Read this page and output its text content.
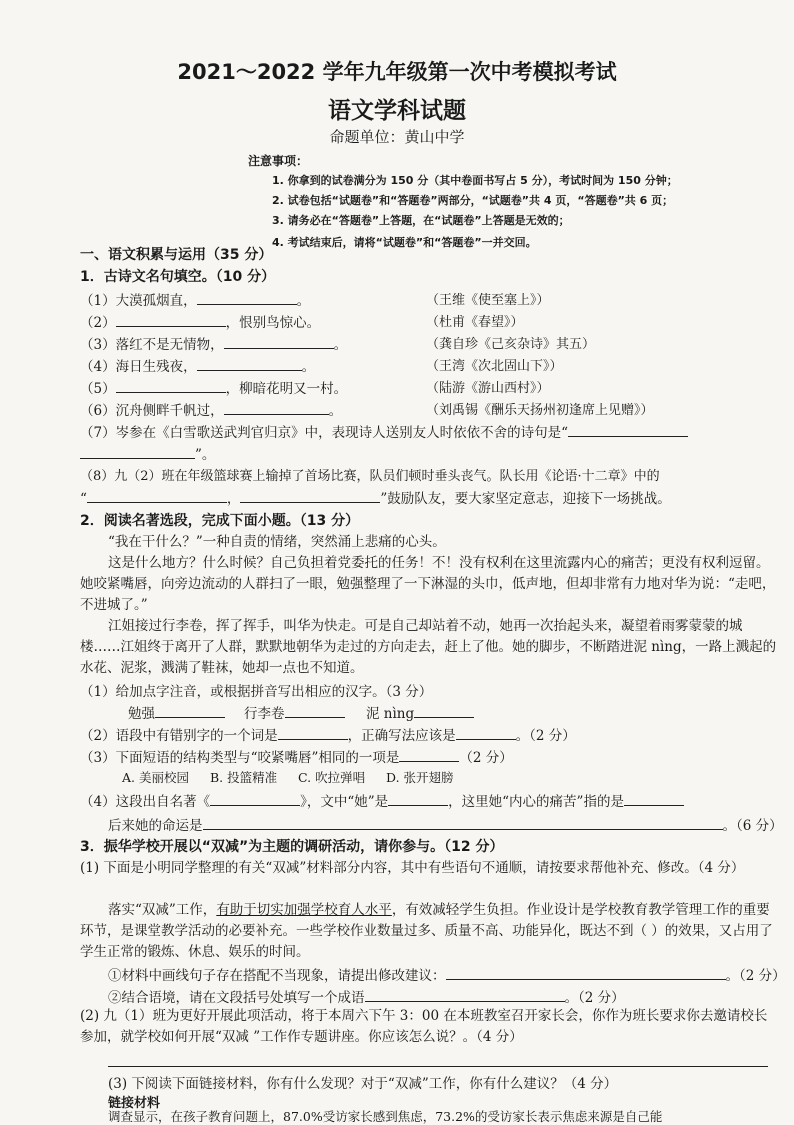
2021～2022 学年九年级第一次中考模拟考试
语文学科试题
命题单位：黄山中学
注意事项：
1. 你拿到的试卷满分为 150 分（其中卷面书写占 5 分），考试时间为 150 分钟；
2. 试卷包括“试题卷”和“答题卷”两部分，“试题卷”共 4 页，“答题卷”共 6 页；
3. 请务必在“答题卷”上答题，在“试题卷”上答题是无效的；
4. 考试结束后，请将“试题卷”和“答题卷”一并交回。
一、语文积累与运用（35 分）
1．古诗文名句填空。（10 分）
（1）大漠孤烟直，	。	（王维《使至塞上》）
（2）	，恨别鸟惊心。	（杜甫《春望》）
（3）落红不是无情物，	。	（龚自珍《己亥杂诗》其五）
（4）海日生残夜，	。	（王湾《次北固山下》）
（5）	，柳暗花明又一村。	（陆游《游山西村》）
（6）沉舟侧畔千帆过，	。	（刘禹锡《酬乐天扬州初逢席上见赠》）
（7）岑参在《白雪歌送武判官归京》中，表现诗人送别友人时依依不舍的诗句是“
”。
（8）九（2）班在年级篮球赛上输掉了首场比赛，队员们顿时垂头丧气。队长用《论语·十二章》中的
“	，	”鼓励队友，要大家坚定意志，迎接下一场挑战。
2．阅读名著选段，完成下面小题。（13 分）
“我在干什么？”一种自责的情绪，突然涌上悲痛的心头。
这是什么地方？什么时候？自己负担着党委托的任务！不！没有权利在这里流露内心的痛苦；更没有权利逗留。她咬紧嘴唇，向旁边流动的人群扫了一眼，勉强整理了一下淋湿的头巾，低声地，但却非常有力地对华为说：“走吧，不进城了。”
江姐接过行李卷，挥了挥手，叫华为快走。可是自己却站着不动，她再一次抬起头来，凝望着雨雾蒙蒙的城楼……江姐终于离开了人群，默默地朝华为走过的方向走去，赶上了他。她的脚步，不断踏进泥 nìng，一路上溅起的水花、泥浆，溅满了鞋袜，她却一点也不知道。
（1）给加点字注音，或根据拼音写出相应的汉字。（3 分）
勉强	行李卷	泥 nìng
（2）语段中有错别字的一个词是	，正确写法应该是	。（2 分）
（3）下面短语的结构类型与“咬紧嘴唇”相同的一项是	（2 分）
A. 美丽校园 B. 投篮精准 C. 吹拉弹唱 D. 张开翅膀
（4）这段出自名著《	》，文中“她”是	，这里她“内心的痛苦”指的是
后来她的命运是	。（6 分）
3．振华学校开展以“双减”为主题的调研活动，请你参与。（12 分）
(1) 下面是小明同学整理的有关“双减”材料部分内容，其中有些语句不通顺，请按要求帮他补充、修改。（4 分）
落实“双减”工作，有助于切实加强学校育人水平，有效减轻学生负担。作业设计是学校教育教学管理工作的重要环节，是课堂教学活动的必要补充。一些学校作业数量过多、质量不高、功能异化，既达不到（ ）的效果，又占用了学生正常的锻炼、休息、娱乐的时间。
①材料中画线句子存在搭配不当现象，请提出修改建议：	。（2 分）
②结合语境，请在文段括号处填写一个成语	。（2 分）
(2) 九（1）班为更好开展此项活动，将于本周六下午 3：00 在本班教室召开家长会，你作为班长要求你去邀请校长参加，就学校如何开展“双减 ”工作作专题讲座。你应该怎么说？。（4 分）
(3) 下阅读下面链接材料，你有什么发现？对于“双减”工作，你有什么建议？（4 分）
链接材料
调查显示，在孩子教育问题上，87.0%受访家长感到焦虑，73.2%的受访家长表示焦虑来源是自己能
